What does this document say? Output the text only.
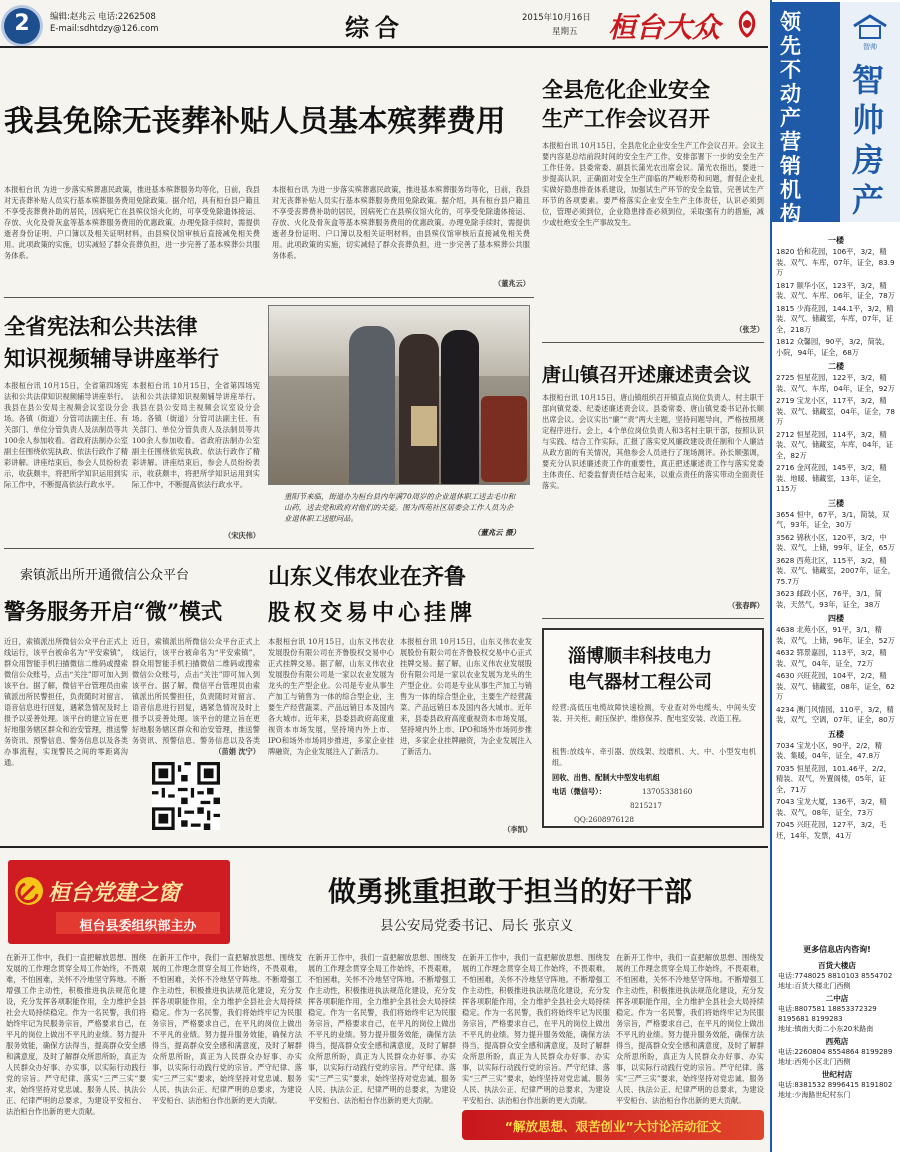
2	编辑:赵兆云 电话:2262508
E-mail:sdhtdzy@126.com	综合	2015年10月16日
星期五 桓台大众
我县免除无丧葬补贴人员基本殡葬费用
本报桓台讯 为进一步落实殡葬惠民政策，推进基本殡葬服务均等化，日前，我县对无丧葬补贴人员实行基本殡葬服务费用免除政策。据介绍，具有桓台县户籍且不享受丧葬费补助的居民，因病死亡在县殡仪馆火化的，可享受免除遗体接运、存放、火化及骨灰盒等基本殡葬服务费用的优惠政策。办理免除手续时，需提供逝者身份证明、户口簿以及相关证明材料，由县殡仪馆审核后直接减免相关费用。此项政策的实施，切实减轻了群众丧葬负担，进一步完善了基本殡葬公共服务体系。
本报桓台讯 为进一步落实殡葬惠民政策，推进基本殡葬服务均等化，日前，我县对无丧葬补贴人员实行基本殡葬服务费用免除政策。据介绍，具有桓台县户籍且不享受丧葬费补助的居民，因病死亡在县殡仪馆火化的，可享受免除遗体接运、存放、火化及骨灰盒等基本殡葬服务费用的优惠政策。办理免除手续时，需提供逝者身份证明、户口簿以及相关证明材料，由县殡仪馆审核后直接减免相关费用。此项政策的实施，切实减轻了群众丧葬负担，进一步完善了基本殡葬公共服务体系。
（董兆云）
全县危化企业安全
生产工作会议召开
本报桓台讯 10月15日，全县危化企业安全生产工作会议召开。会议主要内容是总结前段时间的安全生产工作，安排部署下一步的安全生产工作任务。县委常委、副县长蒲光农出席会议。蒲光农指出，要进一步提高认识，正确面对安全生产面临的严峻形势和问题，督促企业扎实做好隐患排查体系建设，加强试生产环节的安全监管，完善试生产环节的各项要素。要严格落实企业安全生产主体责任，认识必须到位，管理必须到位，企业隐患排查必须到位，采取强有力的措施，减少或杜绝安全生产事故发生。
（张芝）
全省宪法和公共法律
知识视频辅导讲座举行
本报桓台讯 10月15日，全省第四场宪法和公共法律知识视频辅导讲座举行。我县在县公安局主视频会议室设分会场。各镇（街道）分管司法副主任、有关部门、单位分管负责人及法制员等共100余人参加收看。省政府法制办公室副主任围绕依宪执政、依法行政作了精彩讲解。讲座结束后，参会人员纷纷表示，收获颇丰，将把所学知识运用到实际工作中，不断提高依法行政水平。
本报桓台讯 10月15日，全省第四场宪法和公共法律知识视频辅导讲座举行。我县在县公安局主视频会议室设分会场。各镇（街道）分管司法副主任、有关部门、单位分管负责人及法制员等共100余人参加收看。省政府法制办公室副主任围绕依宪执政、依法行政作了精彩讲解。讲座结束后，参会人员纷纷表示，收获颇丰，将把所学知识运用到实际工作中，不断提高依法行政水平。
（宋庆伟）
重阳节来临，街道办为桓台县内年满70周岁的企业退休职工送去毛巾和山药，送去党和政府对他们的关爱。图为西苑社区居委会工作人员为企业退休职工送慰问品。
（董兆云 摄）
唐山镇召开述廉述责会议
本报桓台讯 10月15日，唐山镇组织召开镇直点岗位负责人、村主职干部向镇党委、纪委述廉述责会议。县委常委、唐山镇党委书记孙长顺出席会议。会议实出“廉”“责”两大主题，坚持问题导向，严格按照规定程序进行。会上，4个单位岗位负责人和3名村主职干部，按照认识与实践、结合工作实际，汇报了落实党风廉政建设责任制和个人廉洁从政方面的有关情况，其他参会人员进行了现场测评。孙长顺强调，要充分认识述廉述责工作的重要性，真正把述廉述责工作与落实党委主体责任、纪委监督责任结合起来，以重点责任的落实带动全面责任落实。
（张春晖）
索镇派出所开通微信公众平台
警务服务开启“微”模式
近日，索镇派出所微信公众平台正式上线运行，该平台被命名为“平安索镇”，群众用智能手机扫描微信二维码或搜索微信公众账号，点击“关注”即可加入到该平台。据了解，微信平台管理员由索镇派出所民警担任，负责随时对留言、语音信息进行回复，遇紧急情况及时上报予以妥善处理。该平台的建立旨在更好地服务辖区群众和治安管理，推送警务资讯、预警信息、警务信息以及各类办事流程，实现警民之间的零距离沟通。
近日，索镇派出所微信公众平台正式上线运行，该平台被命名为“平安索镇”，群众用智能手机扫描微信二维码或搜索微信公众账号，点击“关注”即可加入到该平台。据了解，微信平台管理员由索镇派出所民警担任，负责随时对留言、语音信息进行回复，遇紧急情况及时上报予以妥善处理。该平台的建立旨在更好地服务辖区群众和治安管理，推送警务资讯、预警信息、警务信息以及各类
（苗娟 沈宁）
山东义伟农业在齐鲁
股权交易中心挂牌
本报桓台讯 10月15日，山东义伟农业发展股份有限公司在齐鲁股权交易中心正式挂牌交易。据了解，山东义伟农业发展股份有限公司是一家以农业发展为龙头的生产型企业。公司是专业从事生产加工与销售为一体的综合型企业，主要生产经营蔬菜、产品远销日本及国内各大城市。近年来，县委县政府高度重视资本市场发展，坚持境内外上市、IPO和场外市场同步推进，多家企业挂牌融资，为企业发展注入了新活力。
本报桓台讯 10月15日，山东义伟农业发展股份有限公司在齐鲁股权交易中心正式挂牌交易。据了解，山东义伟农业发展股份有限公司是一家以农业发展为龙头的生产型企业。公司是专业从事生产加工与销售为一体的综合型企业，主要生产经营蔬菜、产品远销日本及国内各大城市。近年来，县委县政府高度重视资本市场发展，坚持境内外上市、IPO和场外市场同步推进，多家企业挂牌融资，为企业发展注入了新活力。
（李凯）
淄博顺丰科技电力
电气器材工程公司
经营:高低压电缆故障快速检测，专业查对外电缆头、中间头安装、开关柜、耐压保护、维修保养、配电室安装、改造工程。
租售:放线车、牵引器、放线架、绞磨机、大、中、小型发电机组。
回收、出售、配制大中型发电机组
电话（微信号）：	13705338160
8215217
QQ:2608976128
桓台党建之窗
桓台县委组织部主办
做勇挑重担敢于担当的好干部
县公安局党委书记、局长 张京义
在新开工作中，我们一直把解放思想、围绕发展的工作理念贯穿全局工作始终，不畏艰难，不怕困难，关怀不冷地坚守阵地。不断增强工作主动性，积极推进执法规范化建设，充分发挥各项职能作用，全力维护全县社会大局持续稳定。作为一名民警，我们将始终牢记为民服务宗旨，严格要求自己，在平凡的岗位上做出不平凡的业绩。努力提升服务效能，确保方法得当，提高群众安全感和满意度，及时了解群众所思所盼，真正为人民群众办好事、办实事，以实际行动践行党的宗旨。严守纪律、落实“三严三实”要求，始终坚持对党忠诚、服务人民、执法公正、纪律严明的总要求，为建设平安桓台、法治桓台作出新的更大贡献。
在新开工作中，我们一直把解放思想、围绕发展的工作理念贯穿全局工作始终，不畏艰难，不怕困难，关怀不冷地坚守阵地。不断增强工作主动性，积极推进执法规范化建设，充分发挥各项职能作用，全力维护全县社会大局持续稳定。作为一名民警，我们将始终牢记为民服务宗旨，严格要求自己，在平凡的岗位上做出不平凡的业绩。努力提升服务效能，确保方法得当，提高群众安全感和满意度，及时了解群众所思所盼，真正为人民群众办好事、办实事，以实际行动践行党的宗旨。严守纪律、落实“三严三实”要求，始终坚持对党忠诚、服务人民、执法公正、纪律严明的总要求，为建设平安桓台、法治桓台作出新的更大贡献。
在新开工作中，我们一直把解放思想、围绕发展的工作理念贯穿全局工作始终，不畏艰难，不怕困难，关怀不冷地坚守阵地。不断增强工作主动性，积极推进执法规范化建设，充分发挥各项职能作用，全力维护全县社会大局持续稳定。作为一名民警，我们将始终牢记为民服务宗旨，严格要求自己，在平凡的岗位上做出不平凡的业绩。努力提升服务效能，确保方法得当，提高群众安全感和满意度，及时了解群众所思所盼，真正为人民群众办好事、办实事，以实际行动践行党的宗旨。严守纪律、落实“三严三实”要求，始终坚持对党忠诚、服务人民、执法公正、纪律严明的总要求，为建设平安桓台、法治桓台作出新的更大贡献。
在新开工作中，我们一直把解放思想、围绕发展的工作理念贯穿全局工作始终，不畏艰难，不怕困难，关怀不冷地坚守阵地。不断增强工作主动性，积极推进执法规范化建设，充分发挥各项职能作用，全力维护全县社会大局持续稳定。作为一名民警，我们将始终牢记为民服务宗旨，严格要求自己，在平凡的岗位上做出不平凡的业绩。努力提升服务效能，确保方法得当，提高群众安全感和满意度，及时了解群众所思所盼，真正为人民群众办好事、办实事，以实际行动践行党的宗旨。严守纪律、落实“三严三实”要求，始终坚持对党忠诚、服务人民、执法公正、纪律严明的总要求，为建设平安桓台、法治桓台作出新的更大贡献。
在新开工作中，我们一直把解放思想、围绕发展的工作理念贯穿全局工作始终，不畏艰难，不怕困难，关怀不冷地坚守阵地。不断增强工作主动性，积极推进执法规范化建设，充分发挥各项职能作用，全力维护全县社会大局持续稳定。作为一名民警，我们将始终牢记为民服务宗旨，严格要求自己，在平凡的岗位上做出不平凡的业绩。努力提升服务效能，确保方法得当，提高群众安全感和满意度，及时了解群众所思所盼，真正为人民群众办好事、办实事，以实际行动践行党的宗旨。严守纪律、落实“三严三实”要求，始终坚持对党忠诚、服务人民、执法公正、纪律严明的总要求，为建设平安桓台、法治桓台作出新的更大贡献。
“解放思想、艰苦创业”大讨论活动征文
领先不动产营销机构
智帅房产
智帅
一楼
1820 恰和花园，106平，3/2，精装、双气、车库，07年，证全，83.9万
1817 颐华小区，123平，3/2，精装、双气、车库、06年，证全，78万
1815 少海花园，144.1平，3/2，精装、双气、储藏室，车库，07年，证全，218万
1812 众馨园，90平，3/2，简装，小院，94年，证全，68万
二楼
2725 恒星花园，122平，3/2，精装、双气、车库，04年，证全，92万
2719 宝龙小区，117平，3/2，精装、双气、储藏室，04年，证全，78万
2712 恒星花园，114平，3/2，精装、双气、储藏室，车库，04年，证全，82万
2716 金河花园，145平，3/2，精装、地暖、储藏室，13年，证全，115万
三楼
3654 恒中，67平，3/1，简装，双气，93年，证全，30万
3562 锦秋小区，120平，3/2，中装、双气，上储，99年，证全，65万
3628 西苑北区，115平，3/2，精装、双气、储藏室，2007年，证全，75.7万
3623 邮政小区，76平，3/1，简装，天然气，93年，证全，38万
四楼
4638 北苑小区，91平，3/1，精装，双气，上储，96年，证全，52万
4632 郓景嘉园，113平，3/2，精装、双气，04年，证全，72万
4630 兴旺花园，104平，2/2，精装、双气、储藏室，08年，证全，62万
4234 澳门风情园，110平，3/2，精装，双气，空调，07年，证全，80万
五楼
7034 宝龙小区，90平，2/2，精装、集暖，04年，证全，47.8万
7035 恒星花园，101.46平，2/2，精装、双气，外置阁楼，05年，证全，71万
7043 宝龙大厦，136平，3/2，精装、双气，08年，证全，73万
7045 兴旺花园，127平，3/2，毛坯，14年，发票，41万
更多信息店内咨询!
百货大楼店
电话:7748025 8810103 8554702
地址:百货大楼北门西侧
二中店
电话:8807581 18853372329 8195681 8199283
地址:镇南大街二小东20米路南
西苑店
电话:2260804 8554864 8199289
地址:西苑小区北门西侧
世纪村店
电话:8381532 8996415 8191802
地址:少海路世纪村东门
